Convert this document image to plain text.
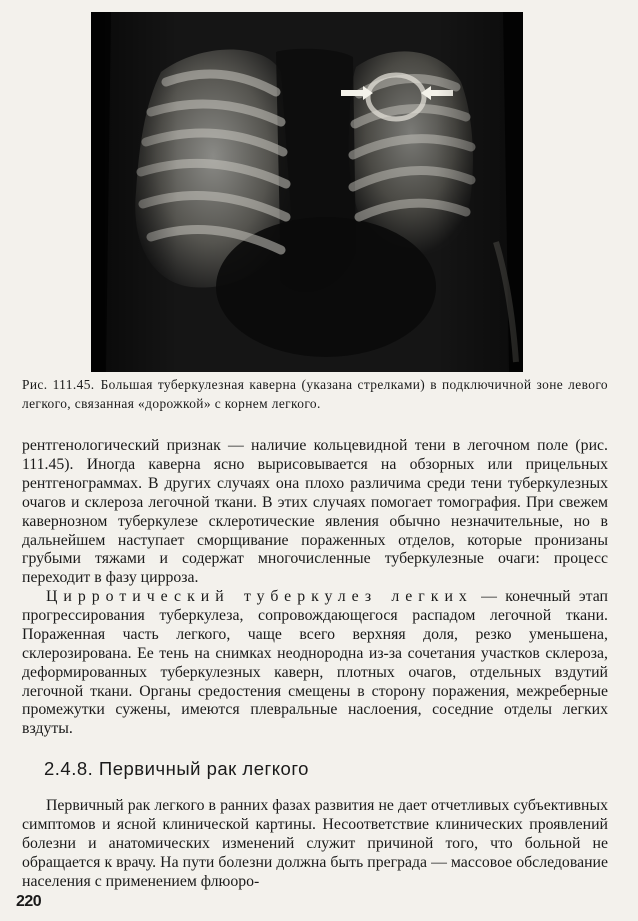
Рис. 111.45. Большая туберкулезная каверна (указана стрелками) в подключичной зоне левого легкого, связанная «дорожкой» с корнем легкого.

рентгенологический признак — наличие кольцевидной тени в легочном поле (рис. 111.45). Иногда каверна ясно вырисовывается на обзорных или прицельных рентгенограммах. В других случаях она плохо различима среди тени туберкулезных очагов и склероза легочной ткани. В этих случаях помогает томография. При свежем кавернозном туберкулезе склеротические явления обычно незначительные, но в дальнейшем наступает сморщивание пораженных отделов, которые пронизаны грубыми тяжами и содержат многочисленные туберкулезные очаги: процесс переходит в фазу цирроза.

Цирротический туберкулез легких — конечный этап прогрессирования туберкулеза, сопровождающегося распадом легочной ткани. Пораженная часть легкого, чаще всего верхняя доля, резко уменьшена, склерозирована. Ее тень на снимках неоднородна из-за сочетания участков склероза, деформированных туберкулезных каверн, плотных очагов, отдельных вздутий легочной ткани. Органы средостения смещены в сторону поражения, межреберные промежутки сужены, имеются плевральные наслоения, соседние отделы легких вздуты.

2.4.8. Первичный рак легкого

Первичный рак легкого в ранних фазах развития не дает отчетливых субъективных симптомов и ясной клинической картины. Несоответствие клинических проявлений болезни и анатомических изменений служит причиной того, что больной не обращается к врачу. На пути болезни должна быть преграда — массовое обследование населения с применением флюоро-

220
